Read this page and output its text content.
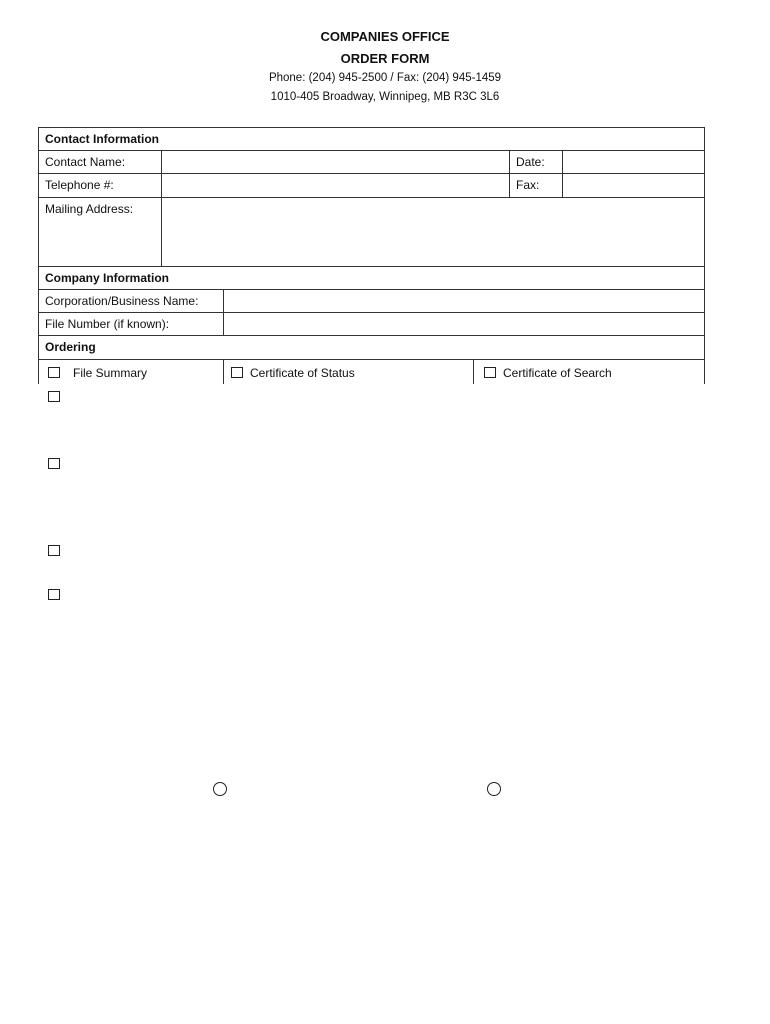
COMPANIES OFFICE
ORDER FORM
Phone: (204) 945-2500 / Fax: (204) 945-1459
1010-405 Broadway, Winnipeg, MB R3C 3L6
Contact Information
Contact Name:	Date:
Telephone #:	Fax:
Mailing Address:
Company Information
Corporation/Business Name:
File Number (if known):
Ordering
File Summary	Certificate of Status	Certificate of Search
